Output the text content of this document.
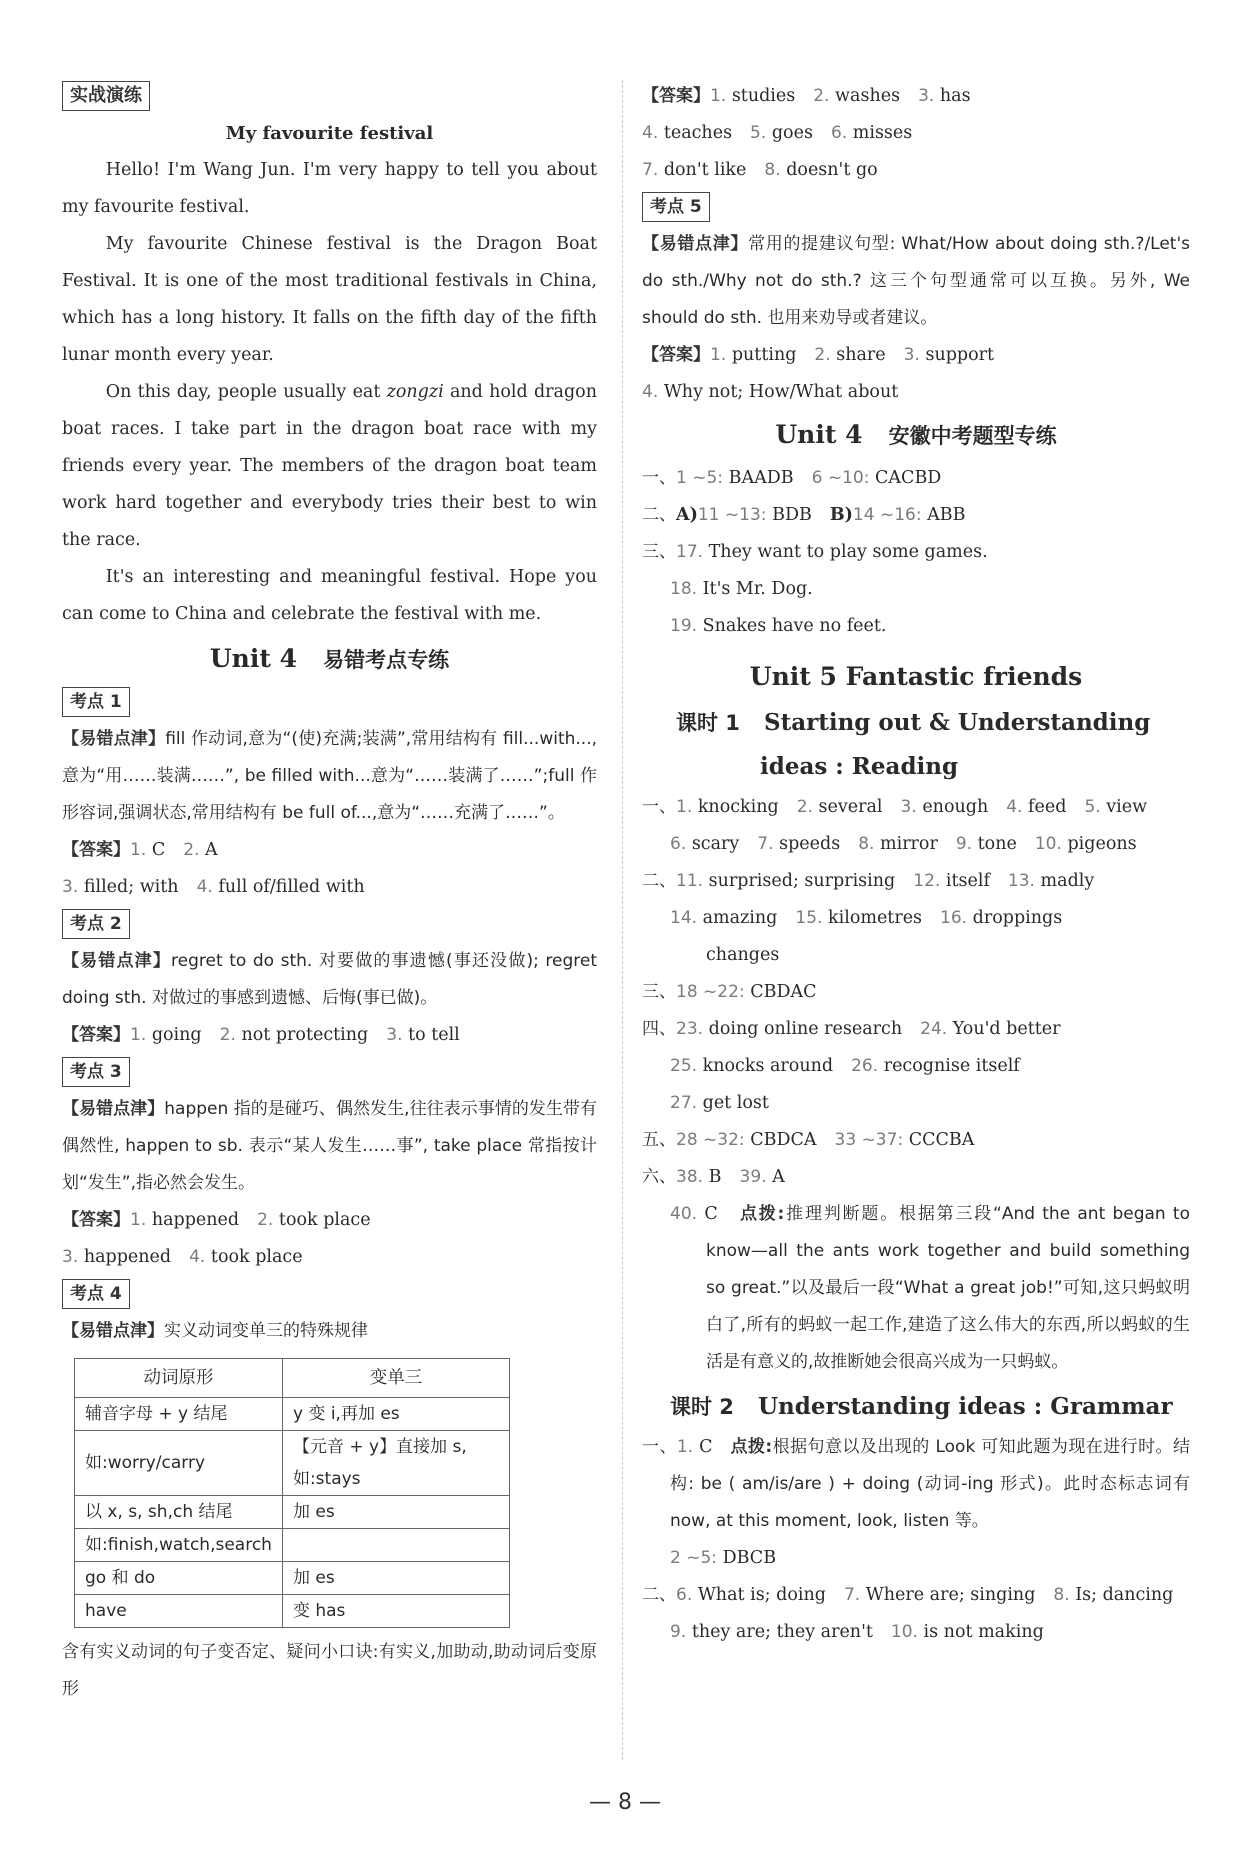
实战演练
My favourite festival

Hello! I'm Wang Jun. I'm very happy to tell you about my favourite festival.

My favourite Chinese festival is the Dragon Boat Festival. It is one of the most traditional festivals in China, which has a long history. It falls on the fifth day of the fifth lunar month every year.

On this day, people usually eat zongzi and hold dragon boat races. I take part in the dragon boat race with my friends every year. The members of the dragon boat team work hard together and everybody tries their best to win the race.

It's an interesting and meaningful festival. Hope you can come to China and celebrate the festival with me.

Unit 4 易错考点专练
考点 1
【易错点津】fill 作动词,意为“(使)充满;装满”,常用结构有 fill...with...,意为“用……装满……”, be filled with...意为“……装满了……”;full 作形容词,强调状态,常用结构有 be full of...,意为“……充满了……”。
【答案】1. C 2. A
3. filled; with 4. full of/filled with
考点 2
【易错点津】regret to do sth. 对要做的事遗憾(事还没做); regret doing sth. 对做过的事感到遗憾、后悔(事已做)。
【答案】1. going 2. not protecting 3. to tell
考点 3
【易错点津】happen 指的是碰巧、偶然发生,往往表示事情的发生带有偶然性, happen to sb. 表示“某人发生……事”, take place 常指按计划“发生”,指必然会发生。
【答案】1. happened 2. took place
3. happened 4. took place
考点 4
【易错点津】实义动词变单三的特殊规律
动词原形	变单三
辅音字母 + y 结尾	y 变 i,再加 es
如:worry/carry	【元音 + y】直接加 s,如:stays
以 x, s, sh,ch 结尾	加 es
如:finish,watch,search	
go 和 do	加 es
have	变 has
含有实义动词的句子变否定、疑问小口诀:有实义,加助动,助动词后变原形
【答案】1. studies 2. washes 3. has
4. teaches 5. goes 6. misses
7. don't like 8. doesn't go
考点 5
【易错点津】常用的提建议句型: What/How about doing sth.?/Let's do sth./Why not do sth.? 这三个句型通常可以互换。另外, We should do sth. 也用来劝导或者建议。
【答案】1. putting 2. share 3. support
4. Why not; How/What about
Unit 4 安徽中考题型专练
一、1 ~5: BAADB 6 ~10: CACBD
二、A)11 ~13: BDB B)14 ~16: ABB
三、17. They want to play some games.
18. It's Mr. Dog.
19. Snakes have no feet.
Unit 5 Fantastic friends
课时 1 Starting out & Understanding
ideas : Reading
一、1. knocking 2. several 3. enough 4. feed 5. view
6. scary 7. speeds 8. mirror 9. tone 10. pigeons
二、11. surprised; surprising 12. itself 13. madly
14. amazing 15. kilometres 16. droppings
changes
三、18 ~22: CBDAC
四、23. doing online research 24. You'd better
25. knocks around 26. recognise itself
27. get lost
五、28 ~32: CBDCA 33 ~37: CCCBA
六、38. B 39. A
40. C 点拨:推理判断题。根据第三段“And the ant began to know—all the ants work together and build something so great.”以及最后一段“What a great job!”可知,这只蚂蚁明白了,所有的蚂蚁一起工作,建造了这么伟大的东西,所以蚂蚁的生活是有意义的,故推断她会很高兴成为一只蚂蚁。
课时 2 Understanding ideas : Grammar
一、1. C 点拨:根据句意以及出现的 Look 可知此题为现在进行时。结构: be ( am/is/are ) + doing (动词-ing 形式)。此时态标志词有 now, at this moment, look, listen 等。
2 ~5: DBCB
二、6. What is; doing 7. Where are; singing 8. Is; dancing
9. they are; they aren't 10. is not making
— 8 —
